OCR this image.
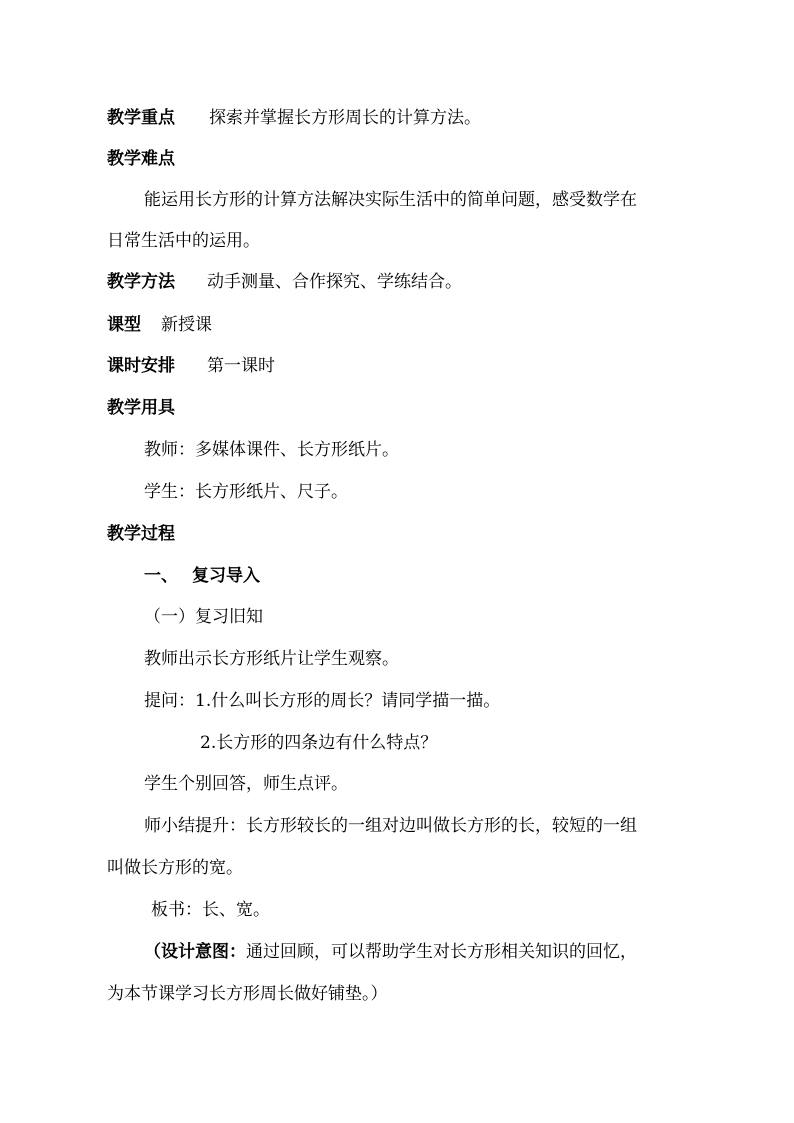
教学重点 探索并掌握长方形周长的计算方法。
教学难点
能运用长方形的计算方法解决实际生活中的简单问题，感受数学在
日常生活中的运用。
教学方法 动手测量、合作探究、学练结合。
课型 新授课
课时安排 第一课时
教学用具
教师：多媒体课件、长方形纸片。
学生：长方形纸片、尺子。
教学过程
一、 复习导入
（一）复习旧知
教师出示长方形纸片让学生观察。
提问：1.什么叫长方形的周长？请同学描一描。
2.长方形的四条边有什么特点？
学生个别回答，师生点评。
师小结提升：长方形较长的一组对边叫做长方形的长，较短的一组
叫做长方形的宽。
板书：长、宽。
（设计意图：通过回顾，可以帮助学生对长方形相关知识的回忆，
为本节课学习长方形周长做好铺垫。）
